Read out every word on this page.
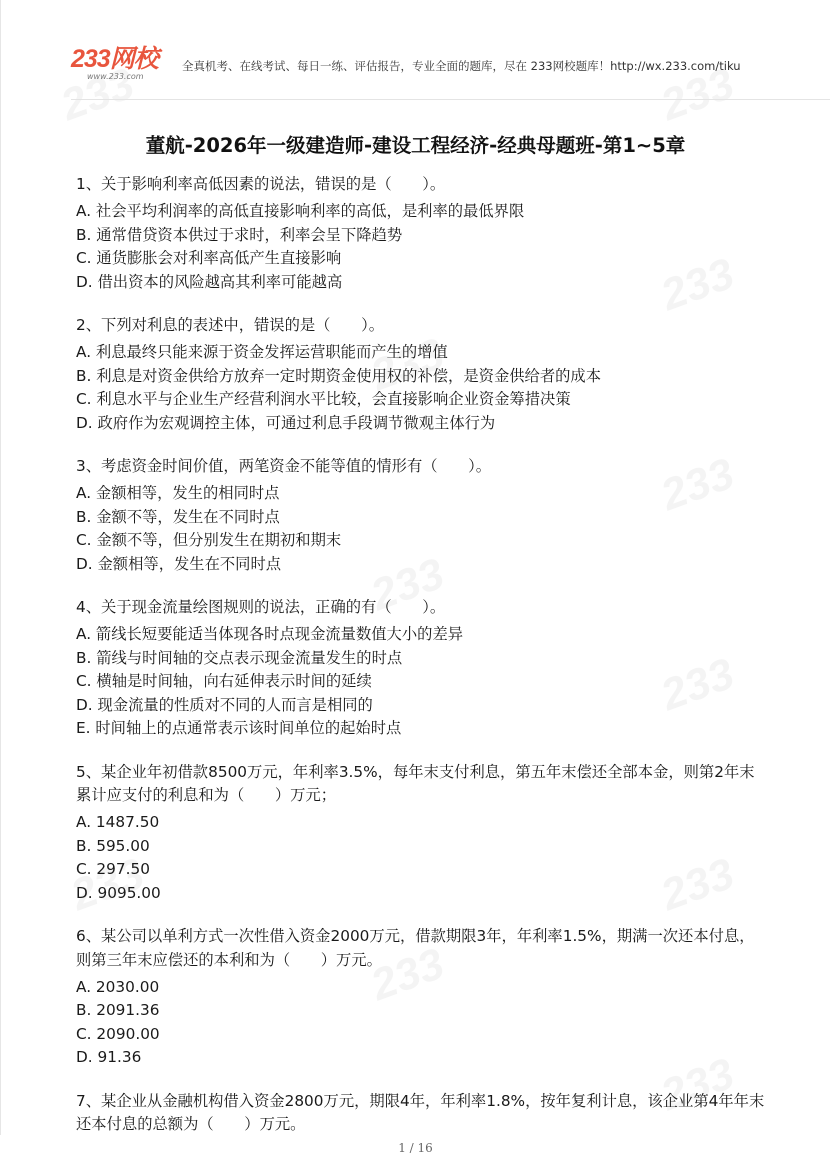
233网校
www.233.com
全真机考、在线考试、每日一练、评估报告，专业全面的题库，尽在 233网校题库！http://wx.233.com/tiku
董航-2026年一级建造师-建设工程经济-经典母题班-第1~5章
1、关于影响利率高低因素的说法，错误的是（　　）。
A. 社会平均利润率的高低直接影响利率的高低，是利率的最低界限
B. 通常借贷资本供过于求时，利率会呈下降趋势
C. 通货膨胀会对利率高低产生直接影响
D. 借出资本的风险越高其利率可能越高
2、下列对利息的表述中，错误的是（　　）。
A. 利息最终只能来源于资金发挥运营职能而产生的增值
B. 利息是对资金供给方放弃一定时期资金使用权的补偿，是资金供给者的成本
C. 利息水平与企业生产经营利润水平比较，会直接影响企业资金筹措决策
D. 政府作为宏观调控主体，可通过利息手段调节微观主体行为
3、考虑资金时间价值，两笔资金不能等值的情形有（　　）。
A. 金额相等，发生的相同时点
B. 金额不等，发生在不同时点
C. 金额不等，但分别发生在期初和期末
D. 金额相等，发生在不同时点
4、关于现金流量绘图规则的说法，正确的有（　　）。
A. 箭线长短要能适当体现各时点现金流量数值大小的差异
B. 箭线与时间轴的交点表示现金流量发生的时点
C. 横轴是时间轴，向右延伸表示时间的延续
D. 现金流量的性质对不同的人而言是相同的
E. 时间轴上的点通常表示该时间单位的起始时点
5、某企业年初借款8500万元，年利率3.5%，每年末支付利息，第五年末偿还全部本金，则第2年末累计应支付的利息和为（　　）万元；
A. 1487.50
B. 595.00
C. 297.50
D. 9095.00
6、某公司以单利方式一次性借入资金2000万元，借款期限3年，年利率1.5%，期满一次还本付息，则第三年末应偿还的本利和为（　　）万元。
A. 2030.00
B. 2091.36
C. 2090.00
D. 91.36
7、某企业从金融机构借入资金2800万元，期限4年，年利率1.8%，按年复利计息，该企业第4年年末还本付息的总额为（　　）万元。
1 / 16
